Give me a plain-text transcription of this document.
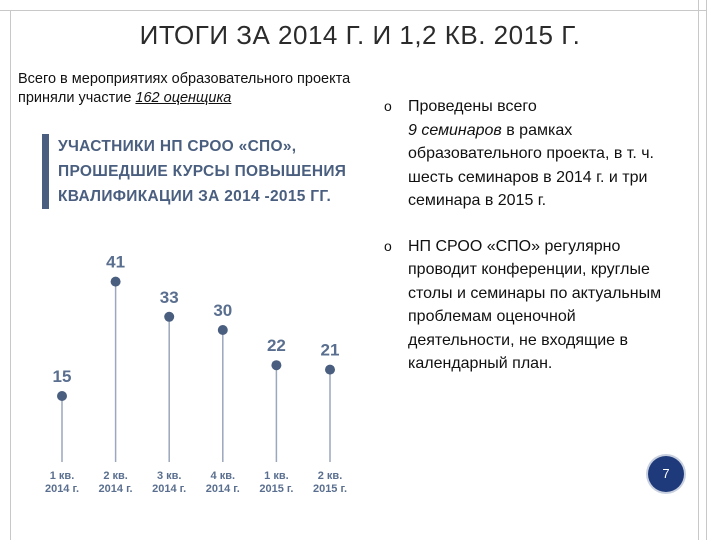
ИТОГИ ЗА 2014 Г. И 1,2 КВ. 2015 Г.
Всего в мероприятиях образовательного проекта приняли участие 162 оценщика
УЧАСТНИКИ НП СРОО «СПО»,
ПРОШЕДШИЕ КУРСЫ ПОВЫШЕНИЯ
КВАЛИФИКАЦИИ ЗА 2014 -2015 ГГ.
15
1 кв.
2014 г.
41
2 кв.
2014 г.
33
3 кв.
2014 г.
30
4 кв.
2014 г.
22
1 кв.
2015 г.
21
2 кв.
2015 г.
o Проведены всего
9 семинаров в рамках образовательного проекта, в т. ч. шесть семинаров в 2014 г. и три семинара в 2015 г.
o НП СРОО «СПО» регулярно проводит конференции, круглые столы и семинары по актуальным проблемам оценочной деятельности, не входящие в календарный план.
7
